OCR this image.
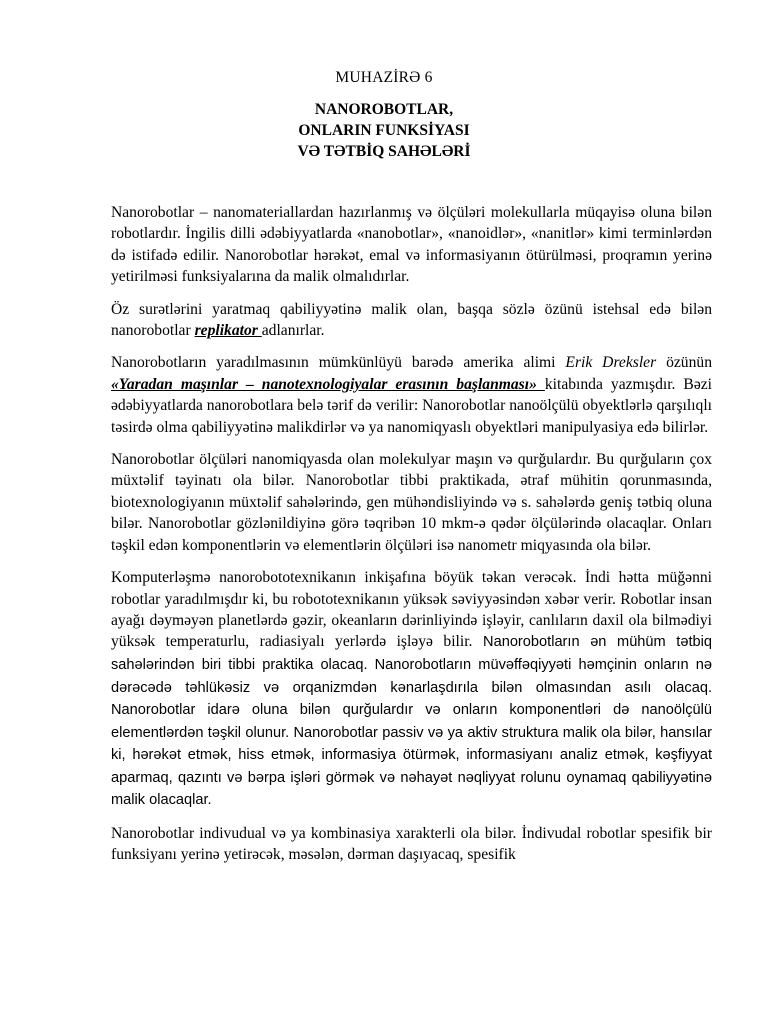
MUHAZİRƏ 6
NANOROBOTLAR,
ONLARIN FUNKSİYASI
VƏ TƏTBİQ SAHƏLƏRİ

Nanorobotlar – nanomateriallardan hazırlanmış və ölçüləri molekullarla müqayisə oluna bilən robotlardır. İngilis dilli ədəbiyyatlarda «nanobotlar», «nanoidlər», «nanitlər» kimi terminlərdən də istifadə edilir. Nanorobotlar hərəkət, emal və informasiyanın ötürülməsi, proqramın yerinə yetirilməsi funksiyalarına da malik olmalıdırlar.

Öz surətlərini yaratmaq qabiliyyətinə malik olan, başqa sözlə özünü istehsal edə bilən nanorobotlar replikator adlanırlar.

Nanorobotların yaradılmasının mümkünlüyü barədə amerika alimi Erik Dreksler özünün «Yaradan maşınlar – nanotexnologiyalar erasının başlanması» kitabında yazmışdır. Bəzi ədəbiyyatlarda nanorobotlara belə tərif də verilir: Nanorobotlar nanoölçülü obyektlərlə qarşılıqlı təsirdə olma qabiliyyətinə malikdirlər və ya nanomiqyaslı obyektləri manipulyasiya edə bilirlər.

Nanorobotlar ölçüləri nanomiqyasda olan molekulyar maşın və qurğulardır. Bu qurğuların çox müxtəlif təyinatı ola bilər. Nanorobotlar tibbi praktikada, ətraf mühitin qorunmasında, biotexnologiyanın müxtəlif sahələrində, gen mühəndisliyində və s. sahələrdə geniş tətbiq oluna bilər. Nanorobotlar gözlənildiyinə görə təqribən 10 mkm-ə qədər ölçülərində olacaqlar. Onları təşkil edən komponentlərin və elementlərin ölçüləri isə nanometr miqyasında ola bilər.

Komputerləşmə nanorobototexnikanın inkişafına böyük təkan verəcək. İndi hətta müğənni robotlar yaradılmışdır ki, bu robototexnikanın yüksək səviyyəsindən xəbər verir. Robotlar insan ayağı dəyməyən planetlərdə gəzir, okeanların dərinliyində işləyir, canlıların daxil ola bilmədiyi yüksək temperaturlu, radiasiyalı yerlərdə işləyə bilir. Nanorobotların ən mühüm tətbiq sahələrindən biri tibbi praktika olacaq. Nanorobotların müvəffəqiyyəti həmçinin onların nə dərəcədə təhlükəsiz və orqanizmdən kənarlaşdırıla bilən olmasından asılı olacaq. Nanorobotlar idarə oluna bilən qurğulardır və onların komponentləri də nanoölçülü elementlərdən təşkil olunur. Nanorobotlar passiv və ya aktiv struktura malik ola bilər, hansılar ki, hərəkət etmək, hiss etmək, informasiya ötürmək, informasiyanı analiz etmək, kəşfiyyat aparmaq, qazıntı və bərpa işləri görmək və nəhayət nəqliyyat rolunu oynamaq qabiliyyətinə malik olacaqlar.

Nanorobotlar indivudual və ya kombinasiya xarakterli ola bilər. İndivudal robotlar spesifik bir funksiyanı yerinə yetirəcək, məsələn, dərman daşıyacaq, spesifik
